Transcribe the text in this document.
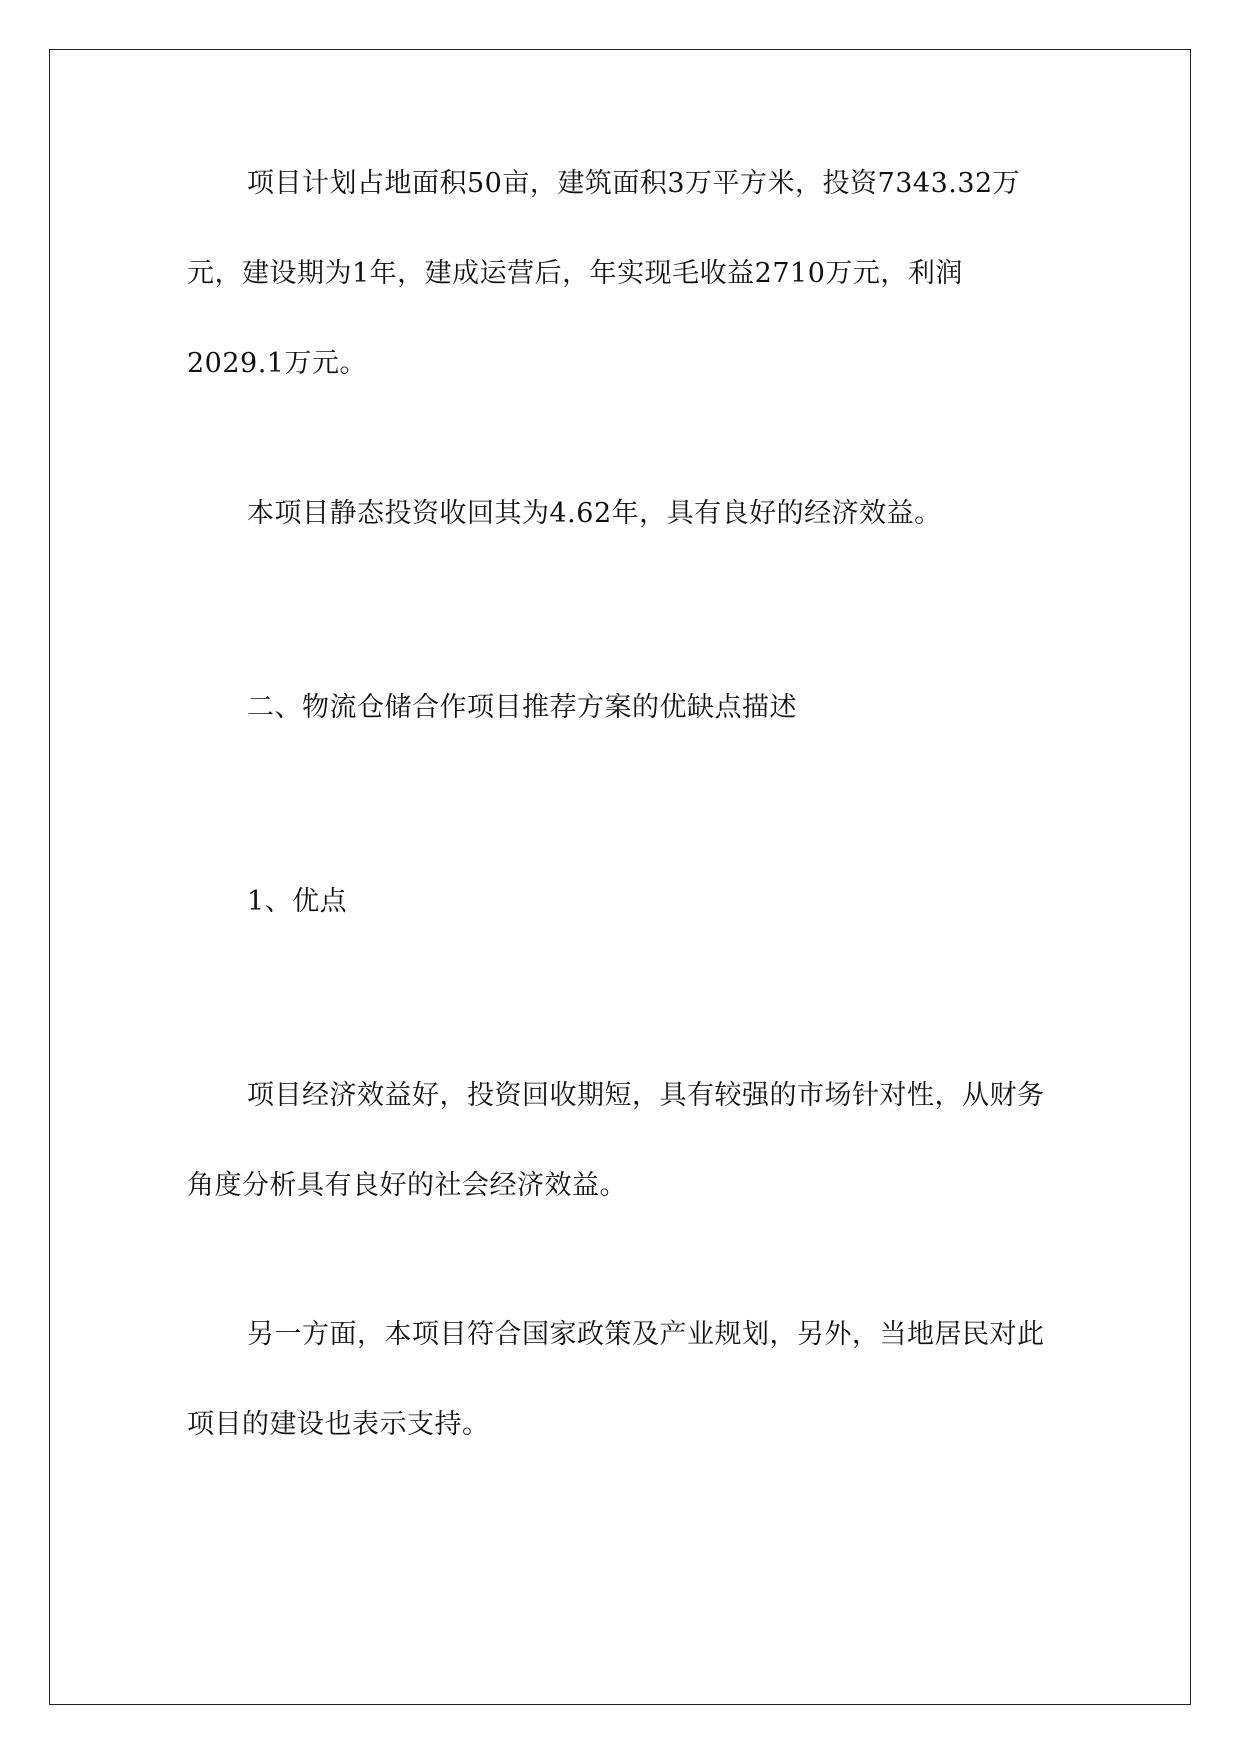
项目计划占地面积50亩，建筑面积3万平方米，投资7343.32万元，建设期为1年，建成运营后，年实现毛收益2710万元，利润2029.1万元。

本项目静态投资收回其为4.62年，具有良好的经济效益。

二、物流仓储合作项目推荐方案的优缺点描述

1、优点

项目经济效益好，投资回收期短，具有较强的市场针对性，从财务角度分析具有良好的社会经济效益。

另一方面，本项目符合国家政策及产业规划，另外，当地居民对此项目的建设也表示支持。
